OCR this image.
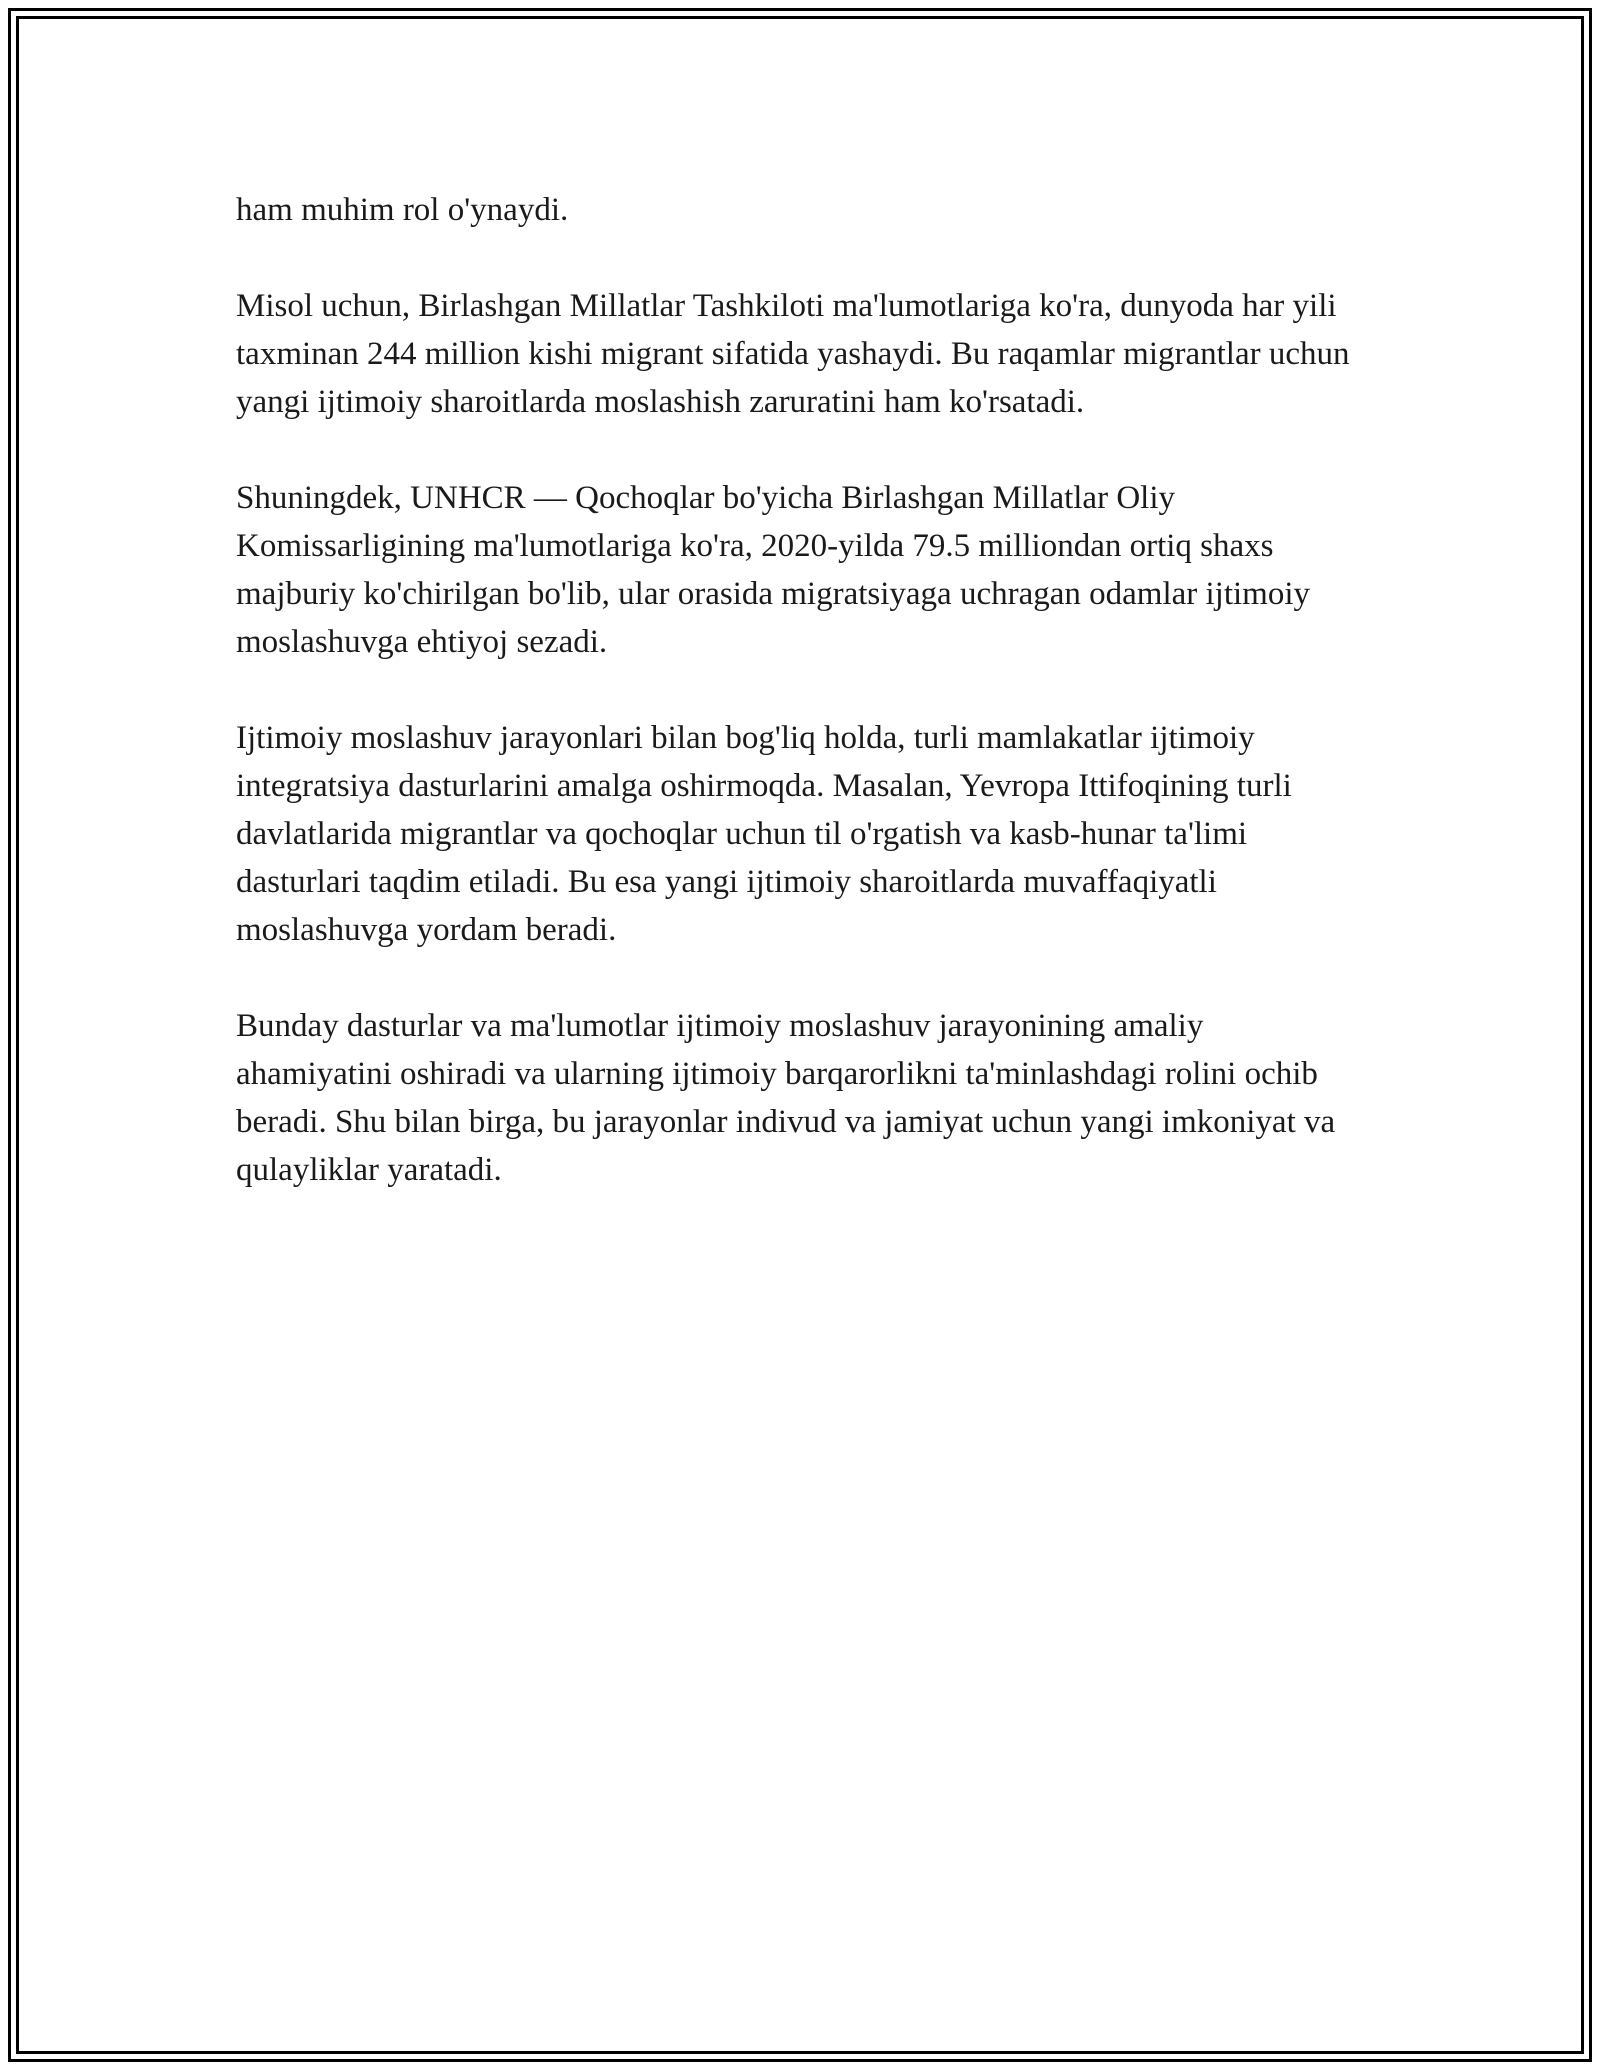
ham muhim rol o'ynaydi.

Misol uchun, Birlashgan Millatlar Tashkiloti ma'lumotlariga ko'ra, dunyoda har yili taxminan 244 million kishi migrant sifatida yashaydi. Bu raqamlar migrantlar uchun yangi ijtimoiy sharoitlarda moslashish zaruratini ham ko'rsatadi.

Shuningdek, UNHCR — Qochoqlar bo'yicha Birlashgan Millatlar Oliy Komissarligining ma'lumotlariga ko'ra, 2020-yilda 79.5 milliondan ortiq shaxs majburiy ko'chirilgan bo'lib, ular orasida migratsiyaga uchragan odamlar ijtimoiy moslashuvga ehtiyoj sezadi.

Ijtimoiy moslashuv jarayonlari bilan bog'liq holda, turli mamlakatlar ijtimoiy integratsiya dasturlarini amalga oshirmoqda. Masalan, Yevropa Ittifoqining turli davlatlarida migrantlar va qochoqlar uchun til o'rgatish va kasb-hunar ta'limi dasturlari taqdim etiladi. Bu esa yangi ijtimoiy sharoitlarda muvaffaqiyatli moslashuvga yordam beradi.

Bunday dasturlar va ma'lumotlar ijtimoiy moslashuv jarayonining amaliy ahamiyatini oshiradi va ularning ijtimoiy barqarorlikni ta'minlashdagi rolini ochib beradi. Shu bilan birga, bu jarayonlar indivud va jamiyat uchun yangi imkoniyat va qulayliklar yaratadi.
